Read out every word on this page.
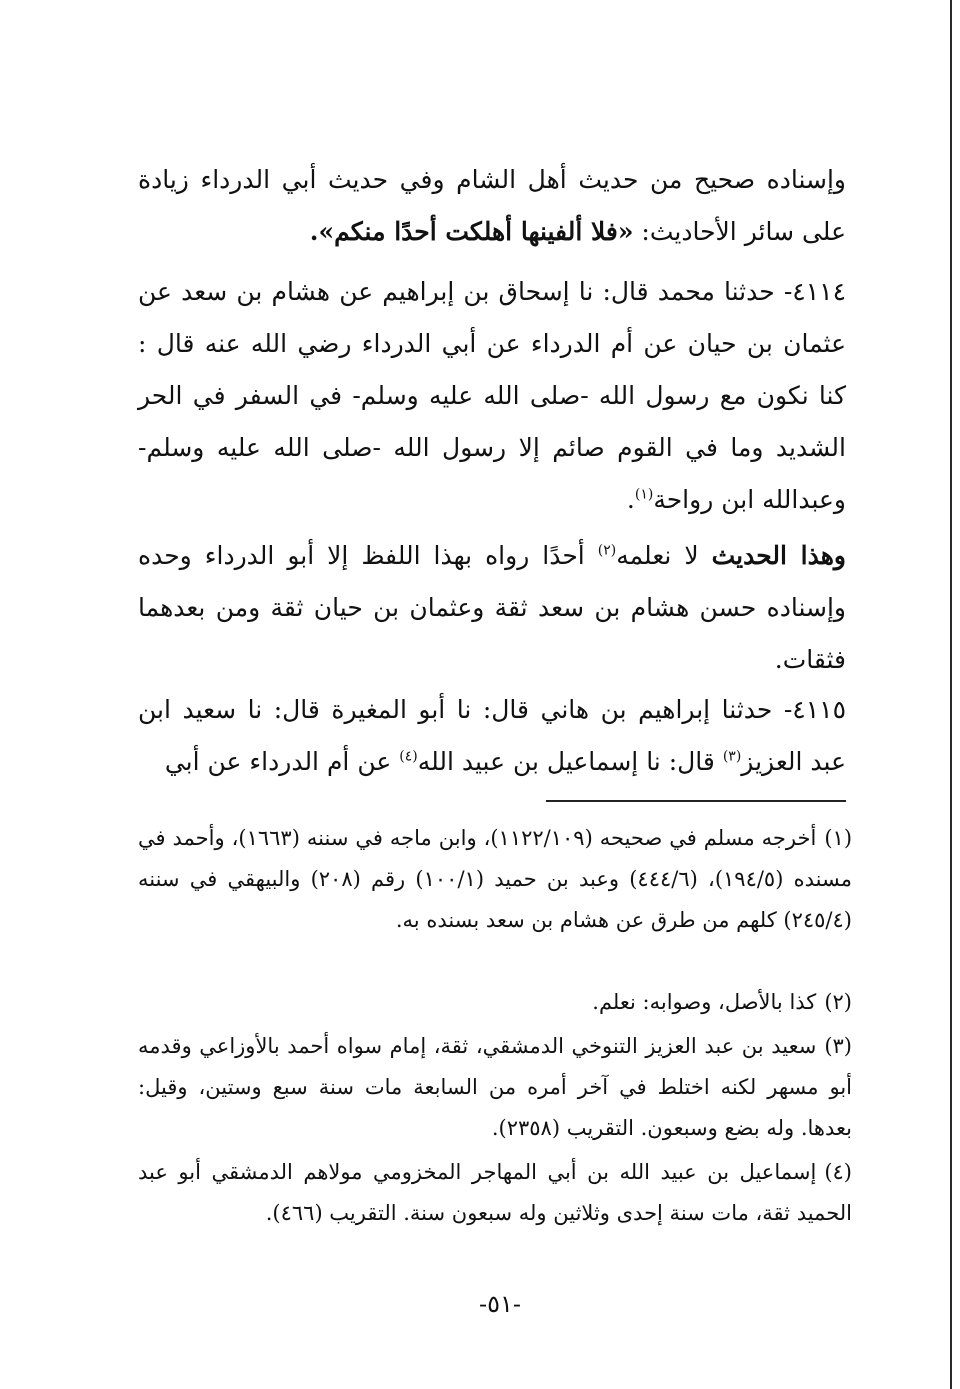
وإسناده صحيح من حديث أهل الشام وفي حديث أبي الدرداء زيادة على سائر الأحاديث: «فلا ألفينها أهلكت أحدًا منكم».
٤١١٤- حدثنا محمد قال: نا إسحاق بن إبراهيم عن هشام بن سعد عن عثمان بن حيان عن أم الدرداء عن أبي الدرداء رضي الله عنه قال : كنا نكون مع رسول الله -صلى الله عليه وسلم- في السفر في الحر الشديد وما في القوم صائم إلا رسول الله -صلى الله عليه وسلم- وعبدالله ابن رواحة$^{(١)}$.
وهذا الحديث لا نعلمه$^{(٢)}$ أحدًا رواه بهذا اللفظ إلا أبو الدرداء وحده وإسناده حسن هشام بن سعد ثقة وعثمان بن حيان ثقة ومن بعدهما فثقات.
٤١١٥- حدثنا إبراهيم بن هاني قال: نا أبو المغيرة قال: نا سعيد ابن عبد العزيز$^{(٣)}$ قال: نا إسماعيل بن عبيد الله$^{(٤)}$ عن أم الدرداء عن أبي
(١)أخرجه مسلم في صحيحه (١١٢٢/١٠٩)، وابن ماجه في سننه (١٦٦٣)، وأحمد في مسنده (١٩٤/٥)، (٤٤٤/٦) وعبد بن حميد (١٠٠/١) رقم (٢٠٨) والبيهقي في سننه (٢٤٥/٤) كلهم من طرق عن هشام بن سعد بسنده به.
(٢)كذا بالأصل، وصوابه: نعلم.
(٣)سعيد بن عبد العزيز التنوخي الدمشقي، ثقة، إمام سواه أحمد بالأوزاعي وقدمه أبو مسهر لكنه اختلط في آخر أمره من السابعة مات سنة سبع وستين، وقيل: بعدها. وله بضع وسبعون. التقريب (٢٣٥٨).
(٤)إسماعيل بن عبيد الله بن أبي المهاجر المخزومي مولاهم الدمشقي أبو عبد الحميد ثقة، مات سنة إحدى وثلاثين وله سبعون سنة. التقريب (٤٦٦).
-٥١-
